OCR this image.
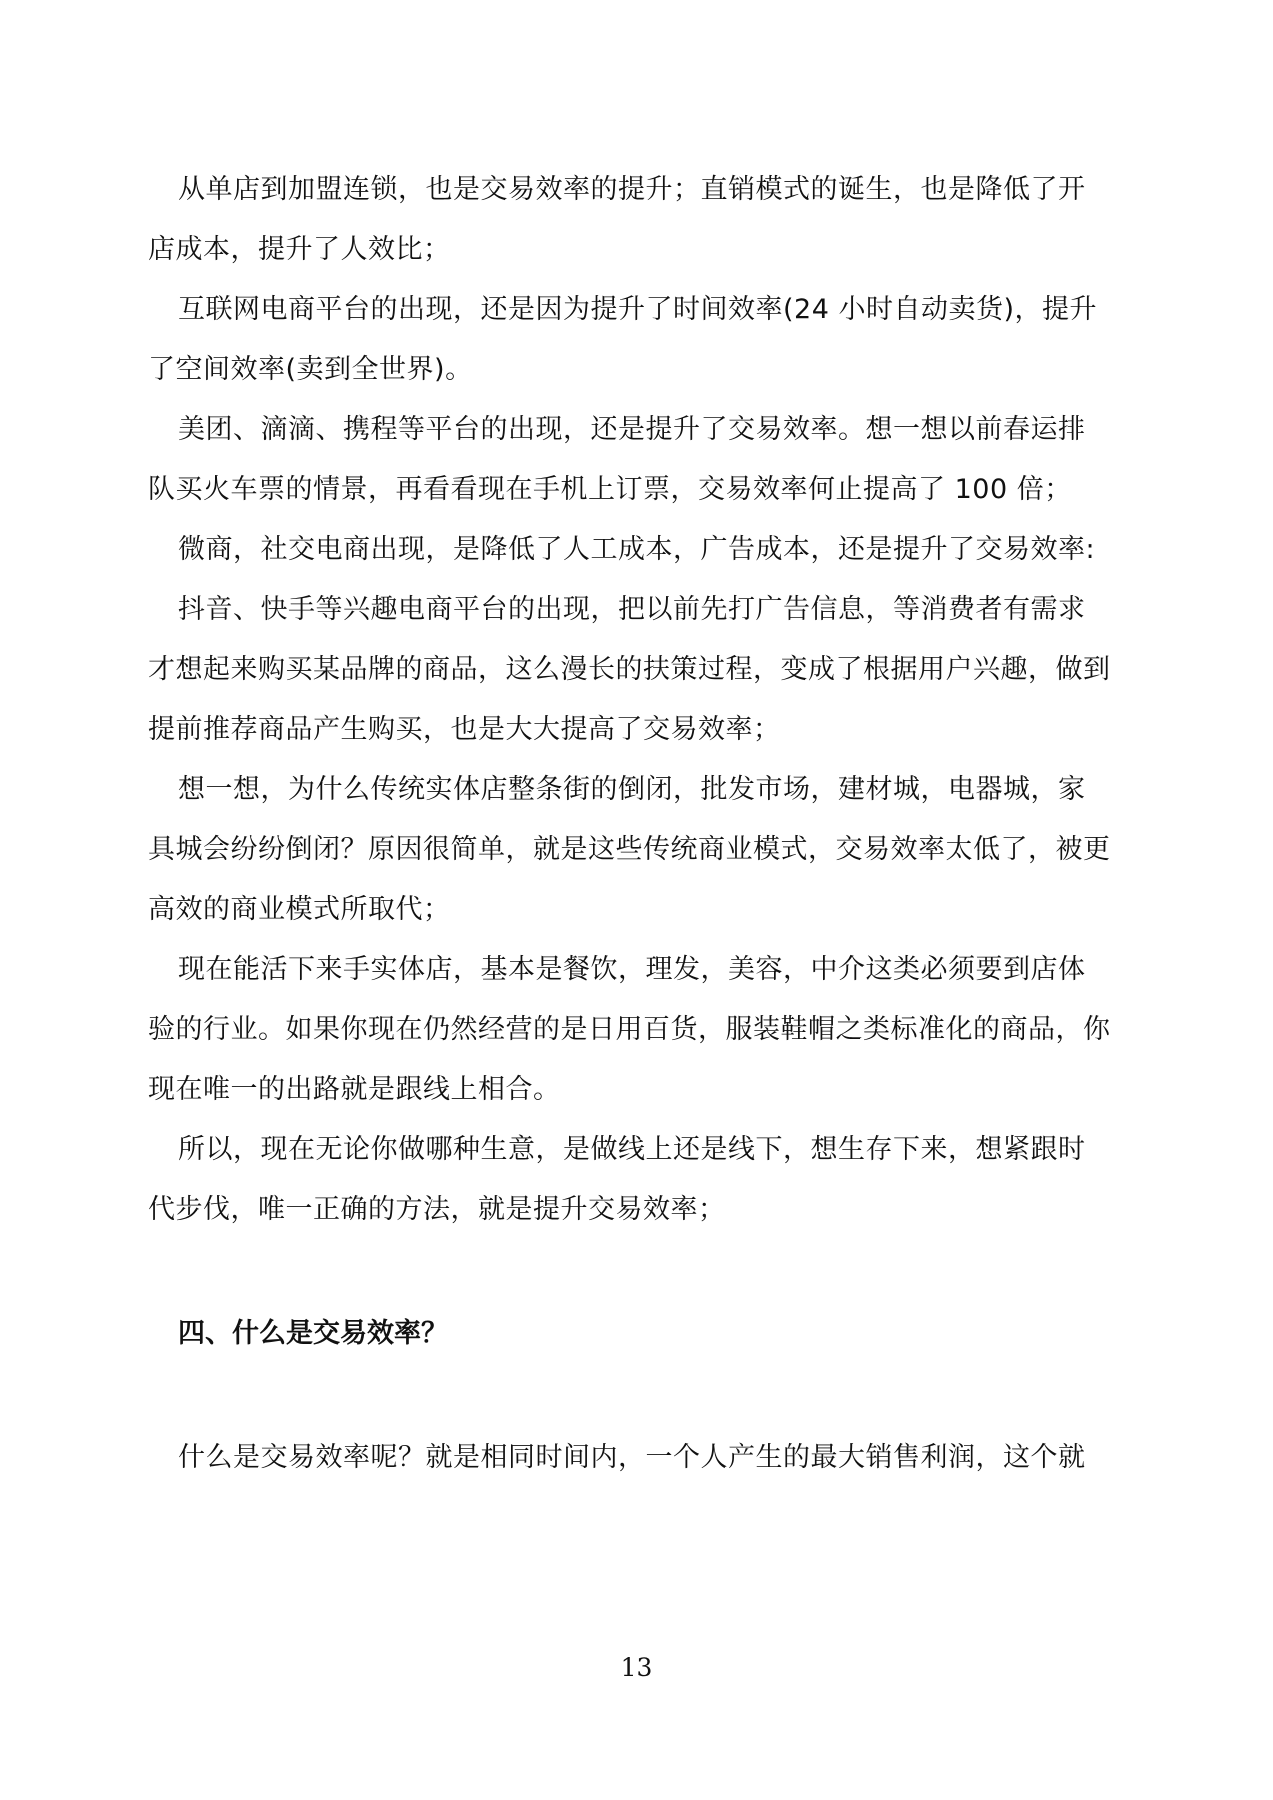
从单店到加盟连锁，也是交易效率的提升；直销模式的诞生，也是降低了开
店成本，提升了人效比；
互联网电商平台的出现，还是因为提升了时间效率(24 小时自动卖货)，提升
了空间效率(卖到全世界)。
美团、滴滴、携程等平台的出现，还是提升了交易效率。想一想以前春运排
队买火车票的情景，再看看现在手机上订票，交易效率何止提高了 100 倍；
微商，社交电商出现，是降低了人工成本，广告成本，还是提升了交易效率:
抖音、快手等兴趣电商平台的出现，把以前先打广告信息，等消费者有需求
才想起来购买某品牌的商品，这么漫长的扶策过程，变成了根据用户兴趣，做到
提前推荐商品产生购买，也是大大提高了交易效率；
想一想，为什么传统实体店整条街的倒闭，批发市场，建材城，电器城，家
具城会纷纷倒闭？原因很简单，就是这些传统商业模式，交易效率太低了，被更
高效的商业模式所取代；
现在能活下来手实体店，基本是餐饮，理发，美容，中介这类必须要到店体
验的行业。如果你现在仍然经营的是日用百货，服装鞋帽之类标准化的商品，你
现在唯一的出路就是跟线上相合。
所以，现在无论你做哪种生意，是做线上还是线下，想生存下来，想紧跟时
代步伐，唯一正确的方法，就是提升交易效率；
四、什么是交易效率？
什么是交易效率呢？就是相同时间内，一个人产生的最大销售利润，这个就
13
